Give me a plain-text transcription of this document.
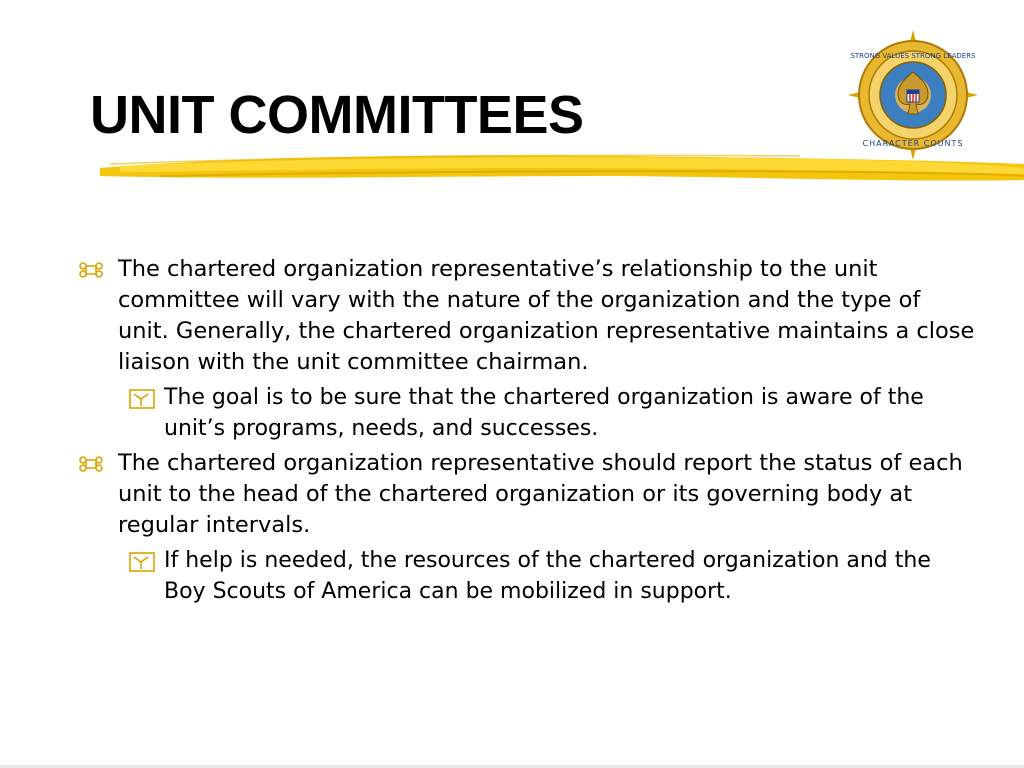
UNIT COMMITTEES
STRONG VALUES STRONG LEADERS
CHARACTER COUNTS
The chartered organization representative’s relationship to the unit committee will vary with the nature of the organization and the type of unit. Generally, the chartered organization representative maintains a close liaison with the unit committee chairman.
The goal is to be sure that the chartered organization is aware of the unit’s programs, needs, and successes.
The chartered organization representative should report the status of each unit to the head of the chartered organization or its governing body at regular intervals.
If help is needed, the resources of the chartered organization and the Boy Scouts of America can be mobilized in support.
